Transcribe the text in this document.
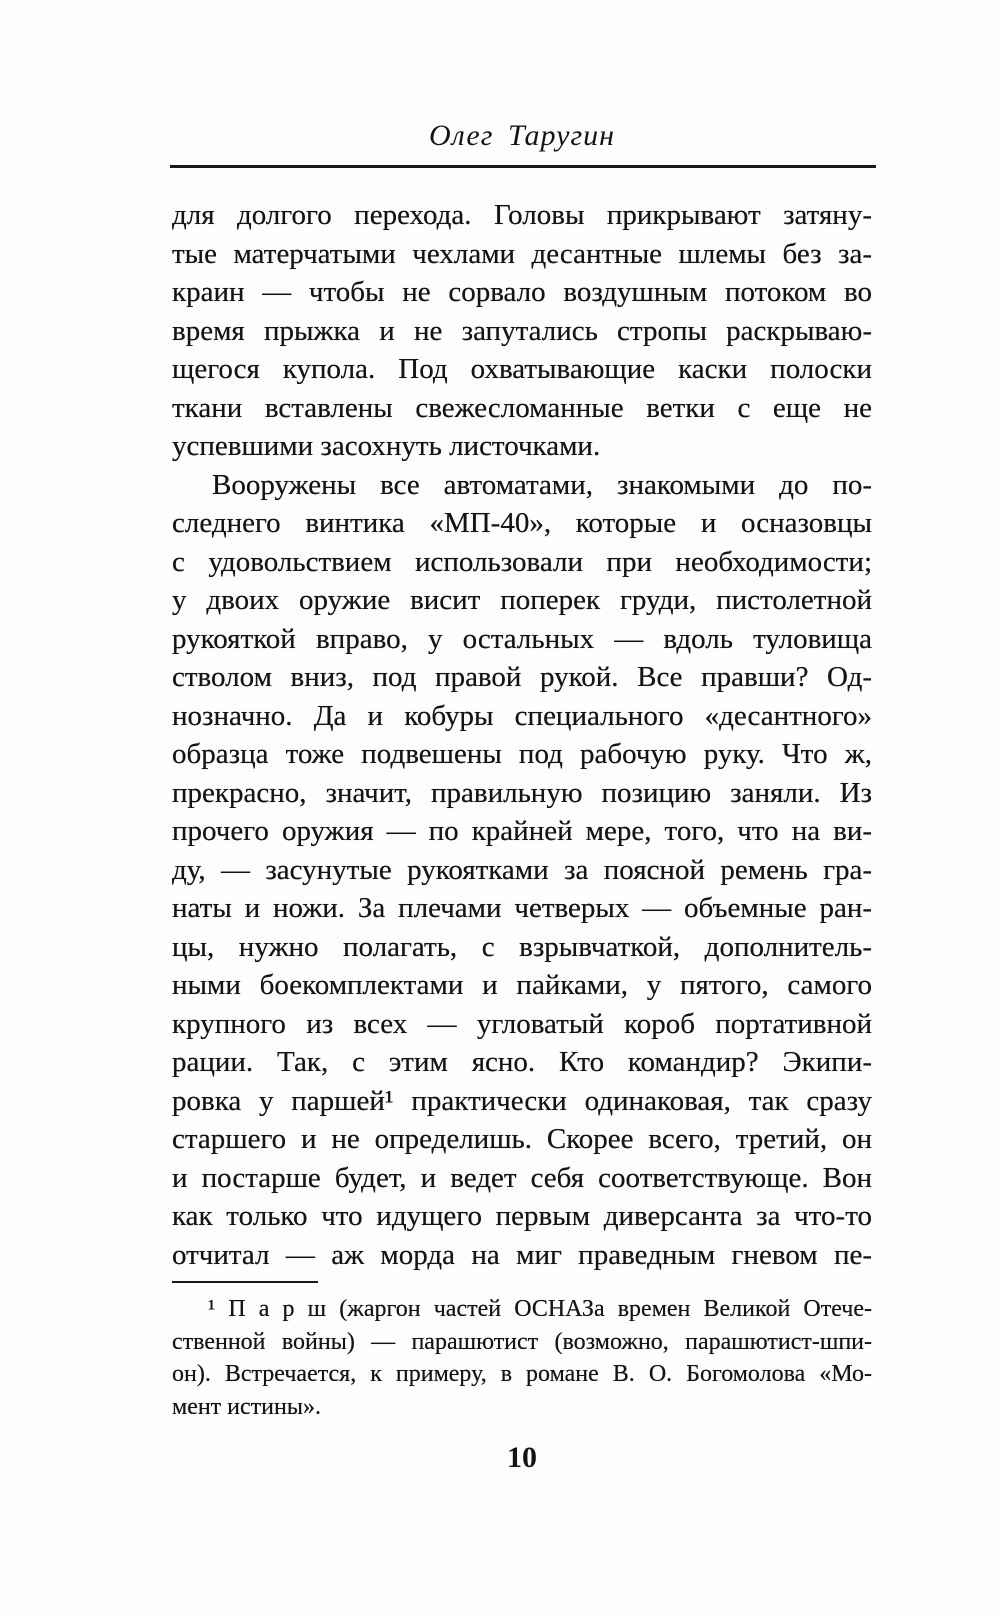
Олег Таругин
для долгого перехода. Головы прикрывают затяну-
тые матерчатыми чехлами десантные шлемы без за-
краин — чтобы не сорвало воздушным потоком во
время прыжка и не запутались стропы раскрываю-
щегося купола. Под охватывающие каски полоски
ткани вставлены свежесломанные ветки с еще не
успевшими засохнуть листочками.
Вооружены все автоматами, знакомыми до по-
следнего винтика «МП-40», которые и осназовцы
с удовольствием использовали при необходимости;
у двоих оружие висит поперек груди, пистолетной
рукояткой вправо, у остальных — вдоль туловища
стволом вниз, под правой рукой. Все правши? Од-
нозначно. Да и кобуры специального «десантного»
образца тоже подвешены под рабочую руку. Что ж,
прекрасно, значит, правильную позицию заняли. Из
прочего оружия — по крайней мере, того, что на ви-
ду, — засунутые рукоятками за поясной ремень гра-
наты и ножи. За плечами четверых — объемные ран-
цы, нужно полагать, с взрывчаткой, дополнитель-
ными боекомплектами и пайками, у пятого, самого
крупного из всех — угловатый короб портативной
рации. Так, с этим ясно. Кто командир? Экипи-
ровка у паршей¹ практически одинаковая, так сразу
старшего и не определишь. Скорее всего, третий, он
и постарше будет, и ведет себя соответствующе. Вон
как только что идущего первым диверсанта за что-то
отчитал — аж морда на миг праведным гневом пе-
¹ П а р ш (жаргон частей ОСНАЗа времен Великой Отече-
ственной войны) — парашютист (возможно, парашютист-шпи-
он). Встречается, к примеру, в романе В. О. Богомолова «Мо-
мент истины».
10
